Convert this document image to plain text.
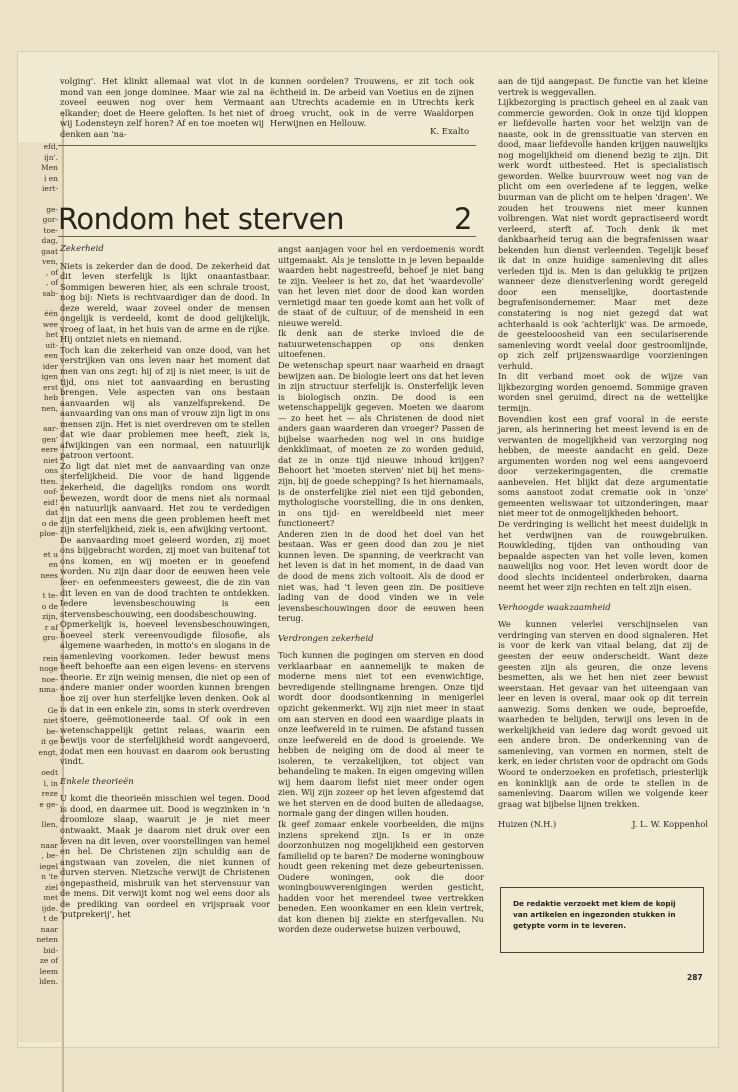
efd,
ijn'.
Men
i en
iert-
ge-
gor-
toe-
dag,
gaat
ven,
, of
, of
sab-
één
wee
het
uit-
een
ider
igen
erst
heb
nen,
aar-
gen'
eere
niet
ons
tten.
oof-
eid!
dat
o de
ploe-
et u
en
nees
t te-
o de
zijn,
r af
gro-
rein
noge
noe-
nma-
Ge
niet
be-
it ge
engt,
oedt
l, in
reze
e ge-
llen,
naar
, be-
iegel
n 'te
ziel
met
ijde.
t de
naar
neten
bid-
ze of
leem
lden.

volging'. Het klinkt allemaal wat vlot in de mond van een jonge dominee. Maar wie zal na zoveel eeuwen nog over hem Vermaant elkander; doet de Heere geloften. Is het niet of wij Lodensteyn zelf horen? Af en toe moeten wij denken aan 'na-

kunnen oordelen? Trouwens, er zit toch ook ëchtheid in. De arbeid van Voetius en de zijnen aan Utrechts academie en in Utrechts kerk droeg vrucht, ook in de verre Waaldorpen Herwijnen en Hellouw.

K. Exalto
Rondom het sterven	2

Zekerheid

Niets is zekerder dan de dood. De zekerheid dat dit leven sterfelijk is lijkt onaantastbaar. Sommigen beweren hier, als een schrale troost, nog bij: Niets is rechtvaardiger dan de dood. In deze wereld, waar zoveel onder de mensen ongelijk is verdeeld, komt de dood gelijkelijk, vroeg of laat, in het huis van de arme en de rijke. Hij ontziet niets en niemand.

Toch kan die zekerheid van onze dood, van het verstrijken van ons leven naar het moment dat men van ons zegt: hij of zij is niet meer, is uit de tijd, ons niet tot aanvaarding en berusting brengen. Vele aspecten van ons bestaan aanvaarden wij als vanzelfsprekend. De aanvaarding van ons man of vrouw zijn ligt in ons mensen zijn. Het is niet overdreven om te stellen dat wie daar problemen mee heeft, ziek is, afwijkingen van een normaal, een natuurlijk patroon vertoont.

Zo ligt dat niet met de aanvaarding van onze sterfelijkheid. Die voor de hand liggende zekerheid, die dagelijks rondom ons wordt bewezen, wordt door de mens niet als normaal en natuurlijk aanvaard. Het zou te verdedigen zijn dat een mens die geen problemen heeft met zijn sterfelijkheid, ziek is, een afwijking vertoont.

De aanvaarding moet geleerd worden, zij moet ons bijgebracht worden, zij moet van buitenaf tot ons komen, en wij moeten er in geoefend worden. Nu zijn daar door de eeuwen heen vele leer- en oefenmeesters geweest, die de zin van dit leven en van de dood trachten te ontdekken. Iedere levensbeschouwing is een stervensbeschouwing, een doodsbeschouwing.

Opmerkelijk is, hoeveel levensbeschouwingen, hoeveel sterk vereenvoudigde filosofie, als algemene waarheden, in motto's en slogans in de samenleving voorkomen. Ieder bewust mens heeft behoefte aan een eigen levens- en stervens theorie. Er zijn weinig mensen, die niet op een of andere manier onder woorden kunnen brengen hoe zij over hun sterfelijke leven denken. Ook al is dat in een enkele zin, soms in sterk overdreven stoere, geëmotioneerde taal. Of ook in een wetenschappelijk getint relaas, waarin een bewijs voor de sterfelijkheid wordt aangevoerd, zodat men een houvast en daarom ook berusting vindt.

Enkele theorieën

U komt die theorieën misschien wel tegen. Dood is dood, en daarmee uit. Dood is wegzinken in 'n droomloze slaap, waaruit je je niet meer ontwaakt. Maak je daarom niet druk over een leven na dit leven, over voorstellingen van hemel en hel. De Christenen zijn schuldig aan de angstwaan van zovelen, die niet kunnen of durven sterven. Nietzsche verwijt de Christenen ongepastheid, misbruik van het stervensuur van de mens. Dit verwijt komt nog wel eens door als de prediking van oordeel en vrijspraak voor 'putprekerij', het

angst aanjagen voor hel en verdoemenis wordt uitgemaakt. Als je tenslotte in je leven bepaalde waarden hebt nagestreefd, behoef je niet bang te zijn. Veeleer is het zo, dat het 'waardevolle' van het leven niet door de dood kan worden vernietigd maar ten goede komt aan het volk of de staat of de cultuur, of de mensheid in een nieuwe wereld.

Ik denk aan de sterke invloed die de natuurwetenschappen op ons denken uitoefenen.

De wetenschap speurt naar waarheid en draagt bewijzen aan. De biologie leert ons dat het leven in zijn structuur sterfelijk is. Onsterfelijk leven is biologisch onzin. De dood is een wetenschappelijk gegeven. Moeten we daarom — zo heet het — als Christenen de dood niet anders gaan waarderen dan vroeger? Passen de bijbelse waarheden nog wel in ons huidige denkklimaat, of moeten ze zo worden geduid, dat ze in onze tijd nieuwe inhoud krijgen? Behoort het 'moeten sterven' niet bij het mens-zijn, bij de goede schepping? Is het hiernamaals, is de onsterfelijke ziel niet een tijd gebonden, mythologische voorstelling, die in ons denken, in ons tijd- en wereldbeeld niet meer functioneert?

Anderen zien in de dood het doel van het bestaan. Was er geen dood dan zou je niet kunnen leven. De spanning, de veerkracht van het leven is dat in het moment, in de daad van de dood de mens zich voltooit. Als de dood er niet was, had 't leven geen zin. De positieve lading van de dood vinden we in vele levensbeschouwingen door de eeuwen heen terug.

Verdrongen zekerheid

Toch kunnen die pogingen om sterven en dood verklaarbaar en aannemelijk te maken de moderne mens niet tot een evenwichtige, bevredigende stellingname brengen. Onze tijd wordt door doodsontkenning in menigerlei opzicht gekenmerkt. Wij zijn niet meer in staat om aan sterven en dood een waardige plaats in onze leefwereld in te ruimen. De afstand tussen onze leefwereld en de dood is groeiende. We hebben de neiging om de dood al meer te isoleren, te verzakelijken, tot object van behandeling te maken. In eigen omgeving willen wij hem daarom liefst niet meer onder ogen zien. Wij zijn zozeer op het leven afgestemd dat we het sterven en de dood buiten de alledaagse, normale gang der dingen willen houden.

Ik geef zomaar enkele voorbeelden, die mijns inziens sprekend zijn. Is er in onze doorzonhuizen nog mogelijkheid een gestorven familielid op te baren? De moderne woningbouw houdt geen rekening met deze gebeurtenissen. Oudere woningen, ook die door woningbouwverenigingen werden gesticht, hadden voor het merendeel twee vertrekken beneden. Een woonkamer en een klein vertrek, dat kon dienen bij ziekte en sterfgevallen. Nu worden deze ouderwetse huizen verbouwd,

aan de tijd aangepast. De functie van het kleine vertrek is weggevallen.

Lijkbezorging is practisch geheel en al zaak van commercie geworden. Ook in onze tijd kloppen er liefdevolle harten voor het welzijn van de naaste, ook in de grenssituatie van sterven en dood, maar liefdevolle handen krijgen nauwelijks nog mogelijkheid om dienend bezig te zijn. Dit werk wordt uitbesteed. Het is specialistisch geworden. Welke buurvrouw weet nog van de plicht om een overledene af te leggen, welke buurman van de plicht om te helpen 'dragen'. We zouden het trouwens niet meer kunnen volbrengen. Wat niet wordt gepractiseerd wordt verleerd, sterft af. Toch denk ik met dankbaarheid terug aan die begrafenissen waar bekenden hun dienst verleenden. Tegelijk besef ik dat in onze huidige samenleving dit alles verleden tijd is. Men is dan gelukkig te prijzen wanneer deze dienstverlening wordt geregeld door een menselijke, doortastende begrafenisondernemer. Maar met deze constatering is nog niet gezegd dat wat achterhaald is ook 'achterlijk' was. De armoede, de geestelooosheid van een seculariserende samenleving wordt veelal door gestroomlijnde, op zich zelf prijzenswaardige voorzieningen verhuld.

In dit verband moet ook de wijze van lijkbezorging worden genoemd. Sommige graven worden snel geruimd, direct na de wettelijke termijn.

Bovendien kost een graf vooral in de eerste jaren, als herinnering het meest levend is en de verwanten de mogelijkheid van verzorging nog hebben, de meeste aandacht en geld. Deze argumenten worden nog wel eens aangevoerd door verzekeringagenten, die crematie aanbevelen. Het blijkt dat deze argumentatie soms aanstoot zodat crematie ook in 'onze' gemeenten weliswaar tot uitzonderingen, maar niet meer tot de onmogelijkheden behoort.

De verdringing is wellicht het meest duidelijk in het verdwijnen van de rouwgebruiken. Rouwkleding, tijden van onthouding van bepaalde aspecten van het volle leven, komen nauwelijks nog voor. Het leven wordt door de dood slechts incidenteel onderbroken, daarna neemt het weer zijn rechten en telt zijn eisen.

Verhoogde waakzaamheid

We kunnen velerlei verschijnselen van verdringing van sterven en dood signaleren. Het is voor de kerk van vitaal belang, dat zij de geesten der eeuw onderscheidt. Want deze geesten zijn als geuren, die onze levens besmetten, als we het hen niet zeer bewust weerstaan. Het gevaar van het uiteengaan van leer en leven is overal, maar ook op dit terrein aanwezig. Soms denken we oude, beproefde, waarheden te belijden, terwijl ons leven in de werkelijkheid van iedere dag wordt gevoed uit een andere bron. De onderkenning van de samenleving, van vormen en normen, stelt de kerk, en ieder christen voor de opdracht om Gods Woord te onderzoeken en profetisch, priesterlijk en koninklijk aan de orde te stellen in de samenleving. Daarom willen we volgende keer graag wat bijbelse lijnen trekken.

Huizen (N.H.)	J. L. W. Koppenhol
De redaktie verzoekt met klem de kopij van artikelen en ingezonden stukken in getypte vorm in te leveren.
287
